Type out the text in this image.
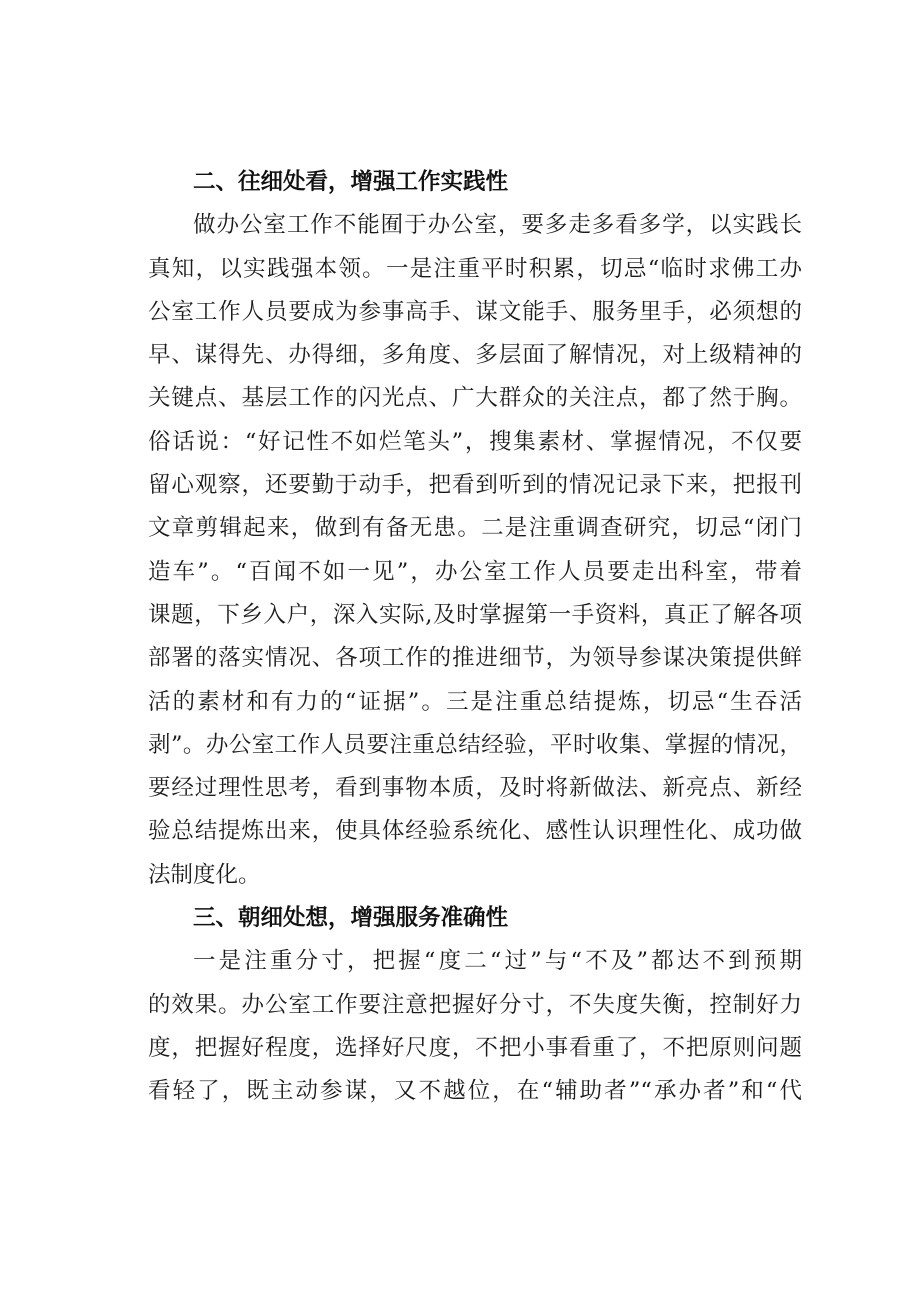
二、往细处看，增强工作实践性
做办公室工作不能囿于办公室，要多走多看多学，以实践长
真知，以实践强本领。一是注重平时积累，切忌“临时求佛工办
公室工作人员要成为参事高手、谋文能手、服务里手，必须想的
早、谋得先、办得细，多角度、多层面了解情况，对上级精神的
关键点、基层工作的闪光点、广大群众的关注点，都了然于胸。
俗话说：“好记性不如烂笔头”，搜集素材、掌握情况，不仅要
留心观察，还要勤于动手，把看到听到的情况记录下来，把报刊
文章剪辑起来，做到有备无患。二是注重调查研究，切忌“闭门
造车”。“百闻不如一见”，办公室工作人员要走出科室，带着
课题，下乡入户，深入实际,及时掌握第一手资料，真正了解各项
部署的落实情况、各项工作的推进细节，为领导参谋决策提供鲜
活的素材和有力的“证据”。三是注重总结提炼，切忌“生吞活
剥”。办公室工作人员要注重总结经验，平时收集、掌握的情况，
要经过理性思考，看到事物本质，及时将新做法、新亮点、新经
验总结提炼出来，使具体经验系统化、感性认识理性化、成功做
法制度化。
三、朝细处想，增强服务准确性
一是注重分寸，把握“度二“过”与“不及”都达不到预期
的效果。办公室工作要注意把握好分寸，不失度失衡，控制好力
度，把握好程度，选择好尺度，不把小事看重了，不把原则问题
看轻了，既主动参谋，又不越位，在“辅助者”“承办者”和“代
